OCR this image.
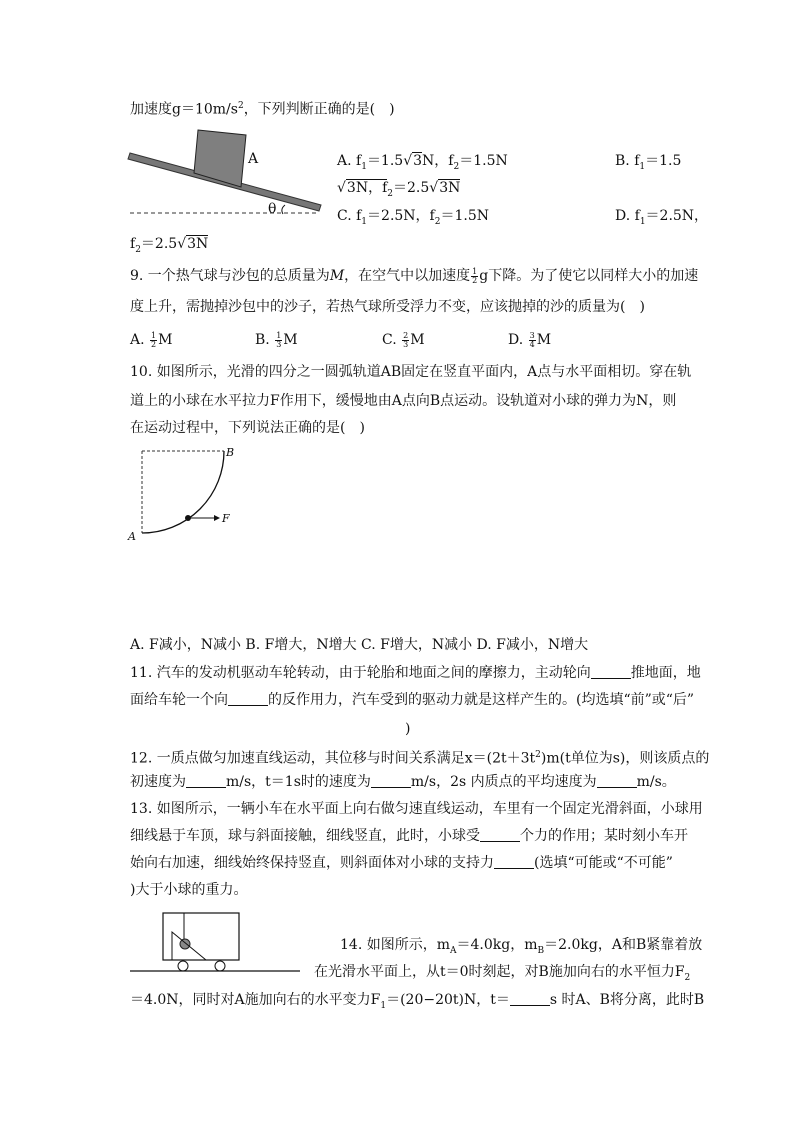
加速度$g=10m/s^2$，下列判断正确的是(　)
A
θ
A. $f_1=1.5√3N$，$f_2=1.5N$	B. $f_1=1.5$
√3N，$f_2=2.5√3N$
C. $f_1=2.5N$，$f_2=1.5N$	D. $f_1=2.5N$，
$f_2=2.5√3N$
9. 一个热气球与沙包的总质量为M，在空气中以加速度 $\frac{1}{2}$ g下降。为了使它以同样大小的加速
度上升，需抛掉沙包中的沙子，若热气球所受浮力不变，应该抛掉的沙的质量为(　)
A. $\frac{1}{2}$ M	B. $\frac{1}{3}$ M	C. $\frac{2}{3}$ M	D. $\frac{3}{4}$ M
10. 如图所示，光滑的四分之一圆弧轨道AB固定在竖直平面内，A点与水平面相切。穿在轨
道上的小球在水平拉力F作用下，缓慢地由A点向B点运动。设轨道对小球的弹力为N，则
在运动过程中，下列说法正确的是(　)
A
B
F
A. F减小，N减小 B. F增大，N增大 C. F增大，N减小 D. F减小，N增大
11. 汽车的发动机驱动车轮转动，由于轮胎和地面之间的摩擦力，主动轮向	推地面，地
面给车轮一个向	的反作用力，汽车受到的驱动力就是这样产生的。(均选填“前”或“后”
)
12. 一质点做匀加速直线运动，其位移与时间关系满足$x=(2t+3t^2)m(t$单位为s)，则该质点的
初速度为	m/s，t＝1s时的速度为	m/s，2s 内质点的平均速度为	m/s。
13. 如图所示，一辆小车在水平面上向右做匀速直线运动，车里有一个固定光滑斜面，小球用
细线悬于车顶，球与斜面接触，细线竖直，此时，小球受	个力的作用；某时刻小车开
始向右加速，细线始终保持竖直，则斜面体对小球的支持力	(选填“可能或“不可能”
)大于小球的重力。
14. 如图所示，$m_A=4.0kg$，$m_B=2.0kg$，A和B紧靠着放
在光滑水平面上，从t＝0时刻起，对B施加向右的水平恒力$F_2$
＝4.0N，同时对A施加向右的水平变力$F_1=(20-20t)N$，t＝	s 时A、B将分离，此时B
